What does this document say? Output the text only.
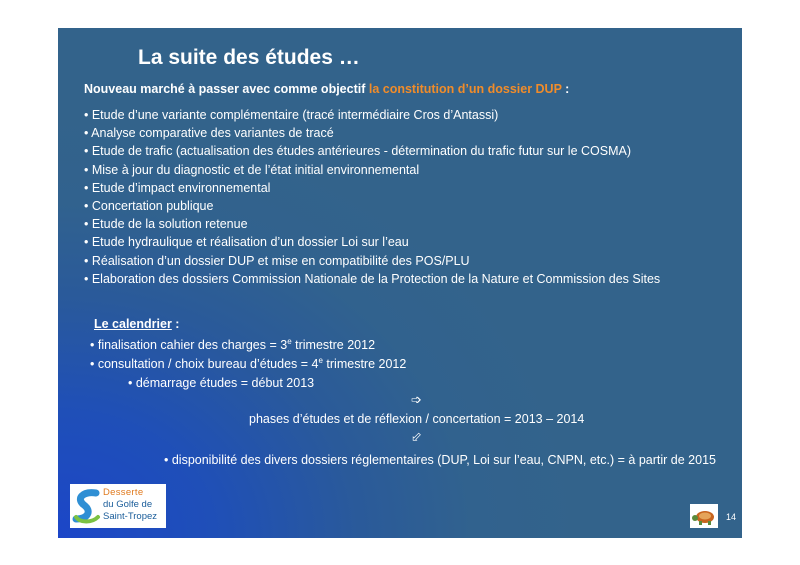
La suite des études …
Nouveau marché à passer avec comme objectif la constitution d’un dossier DUP :
• Etude d’une variante complémentaire (tracé intermédiaire Cros d’Antassi)
• Analyse comparative des variantes de tracé
• Etude de trafic (actualisation des études antérieures - détermination du trafic futur sur le COSMA)
• Mise à jour du diagnostic et de l’état initial environnemental
• Etude d’impact environnemental
• Concertation publique
• Etude de la solution retenue
• Etude hydraulique et réalisation d’un dossier Loi sur l’eau
• Réalisation d’un dossier DUP et mise en compatibilité des POS/PLU
• Elaboration des dossiers Commission Nationale de la Protection de la Nature et Commission des Sites
Le calendrier :
• finalisation cahier des charges = $3^e$ trimestre 2012
• consultation / choix bureau d’études = $4^e$ trimestre 2012
• démarrage études = début 2013
➩
phases d’études et de réflexion / concertation = 2013 – 2014
⬃
• disponibilité des divers dossiers réglementaires (DUP, Loi sur l’eau, CNPN, etc.) = à partir de 2015
Desserte
du Golfe de
Saint-Tropez	14
